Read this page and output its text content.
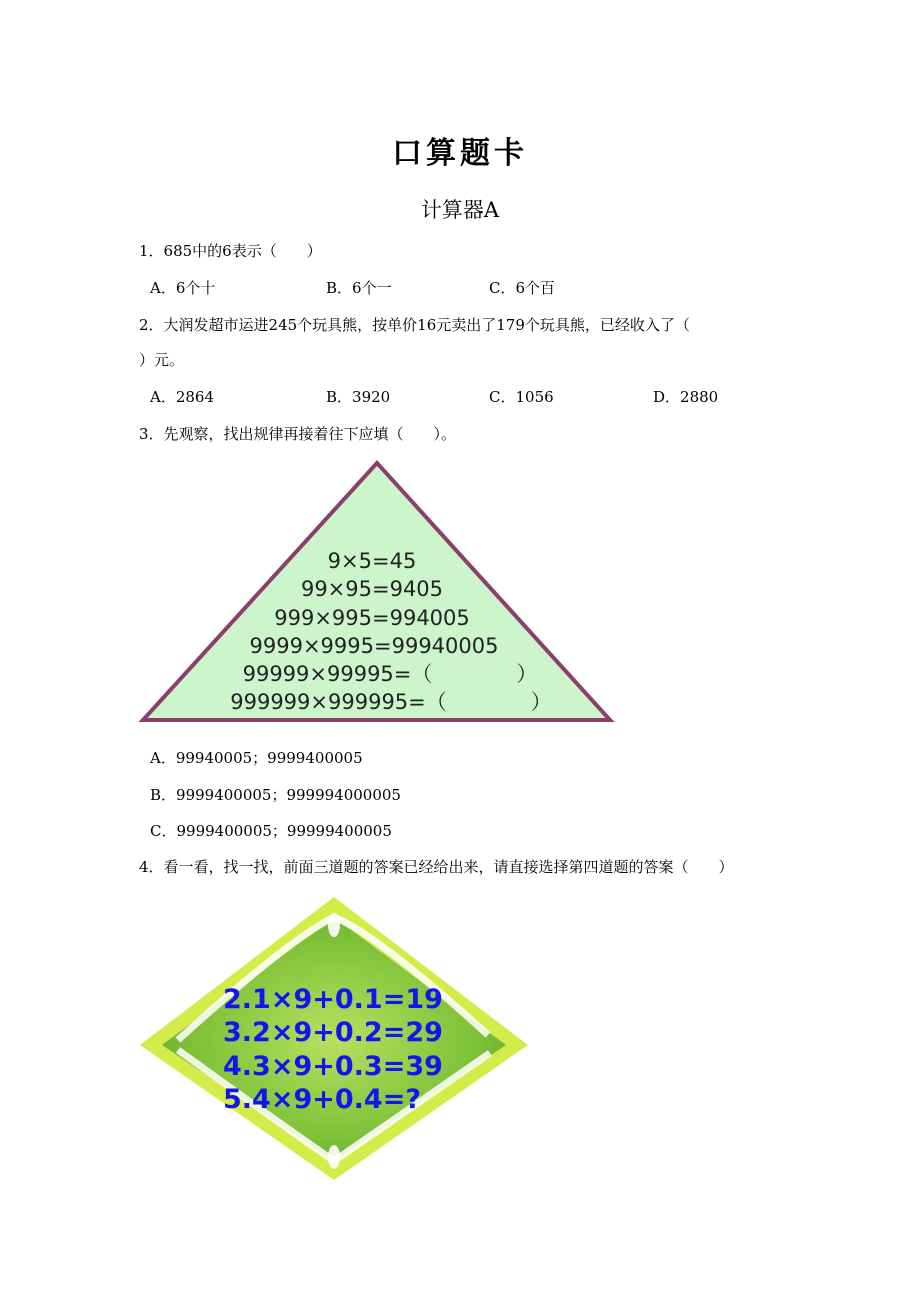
口算题卡
计算器A
1．685中的6表示（　　）
A．6个十	B．6个一	C．6个百
2．大润发超市运进245个玩具熊，按单价16元卖出了179个玩具熊，已经收入了（
）元。
A．2864	B．3920	C．1056	D．2880
3．先观察，找出规律再接着往下应填（　　）。
9×5=45
99×95=9405
999×995=994005
9999×9995=99940005
99999×99995=（　　　　）
999999×999995=（　　　　）
A．99940005；9999400005
B．9999400005；999994000005
C．9999400005；99999400005
4．看一看，找一找，前面三道题的答案已经给出来，请直接选择第四道题的答案（　　）
2.1×9+0.1=19
3.2×9+0.2=29
4.3×9+0.3=39
5.4×9+0.4=?
